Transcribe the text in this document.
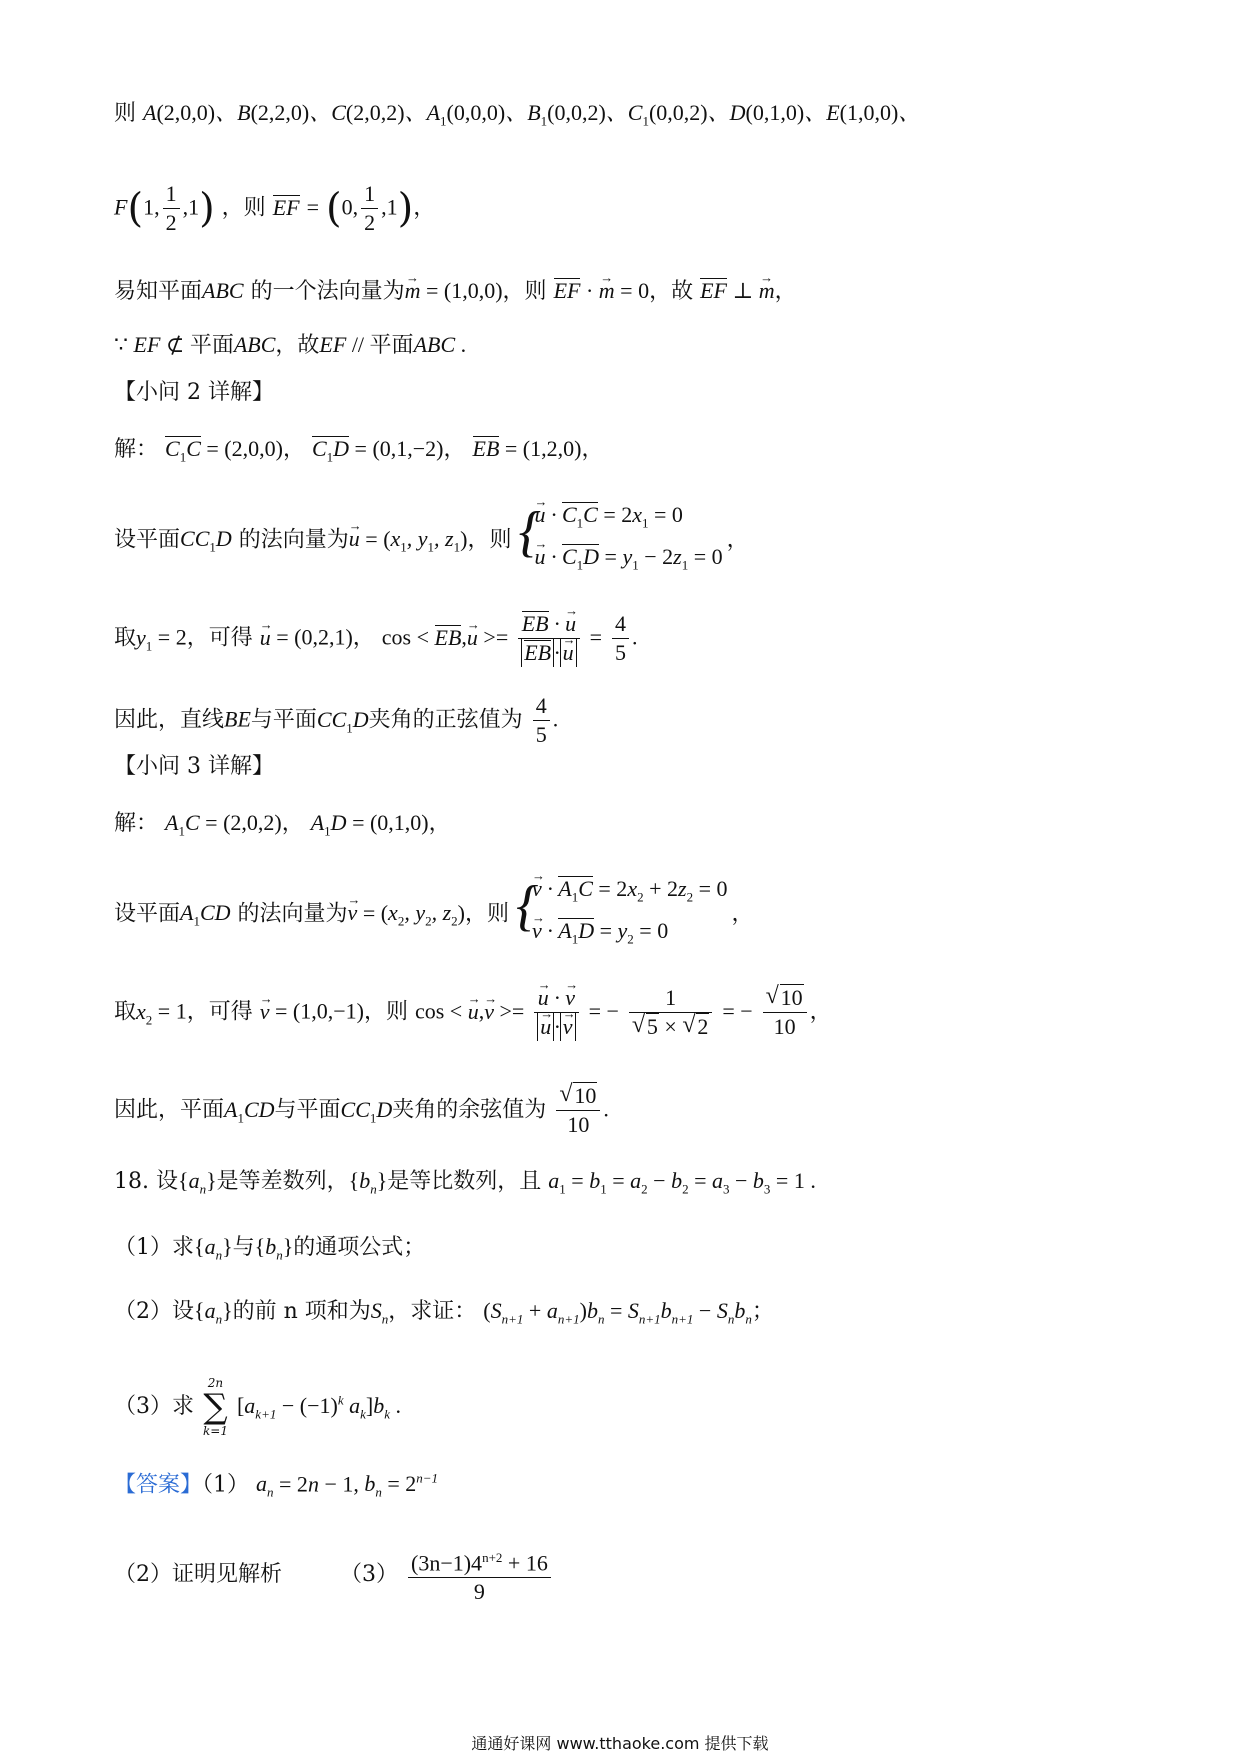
则 A(2,0,0)、B(2,2,0)、C(2,0,2)、$A_1(0,0,0)$、$B_1(0,0,2)$、$C_1(0,0,2)$、D(0,1,0)、E(1,0,0)、
F(1, $\frac{1}{2} ,1$) ，则 EF = (0, $\frac{1}{2} ,1$)，
易知平面ABC 的一个法向量为→ m = (1,0,0)，则 EF · → m = 0，故 EF ⊥ → m，
∵ EF ⊄ 平面ABC，故EF // 平面ABC .
【小问 2 详解】
解： $C_1C = (2,0,0)$， $C_1D = (0,1,-2)$， EB = (1,2,0)，
设平面$CC_1D$ 的法向量为→ $u = (x_1$, $y_1$, $z_1$)，则
{ → $u \cdot C_1C = 2x_1 = 0$
→ $u \cdot C_1D = y_1 - 2z_1 = 0$
，
取$y_1 = 2$，可得 → u = (0,2,1)， $\cos < EB,\to u >= \frac{EB \cdot \to u}{EB \cdot \to u} = \frac{4}{5}$ .
因此，直线BE与平面$CC_1D$夹角的正弦值为 $\frac{4}{5}$ .
【小问 3 详解】
解： $A_1C = (2,0,2)$， $A_1D = (0,1,0)$，
设平面$A_1CD$ 的法向量为→ $v = (x_2$, $y_2$, $z_2$)，则
{ → $v \cdot A_1C = 2x_2 + 2z_2 = 0$
→ $v \cdot A_1D = y_2 = 0$
，
取$x_2 = 1$，可得 → v = (1,0,−1)，则 cos < → u,→ v >= → u · → v
→ u · → v = − 1
√ 5 × √ 2 = − √ $\frac{10}{10}$ ，
因此，平面$A_1CD$与平面$CC_1D$夹角的余弦值为 √ $\frac{10}{10}$ .
18. 设$\{a_n\}$是等差数列，$\{b_n\}$是等比数列，且 $a_1 = b_1 = a_2 - b_2 = a_3 - b_3 = 1$ .
（1）求$\{a_n\}$与$\{b_n\}$的通项公式；
（2）设$\{a_n\}$的前 n 项和为$S_n$，求证： $(S_{n+1} + a_{n+1})b_n = S_{n+1}b_{n+1} - S_nb_n$；
（3）求
2n
∑
k=1
[$a_{k+1} - (-1)^k$ $a_k]b_k$ .
【答案】（1） $a_n = 2n - 1$, $b_n = 2^{n-1}$
（2）证明见解析	$(3) \frac{(3n-1)4^{n+2} + 16}{9}$
通通好课网 www.tthaoke.com 提供下载
